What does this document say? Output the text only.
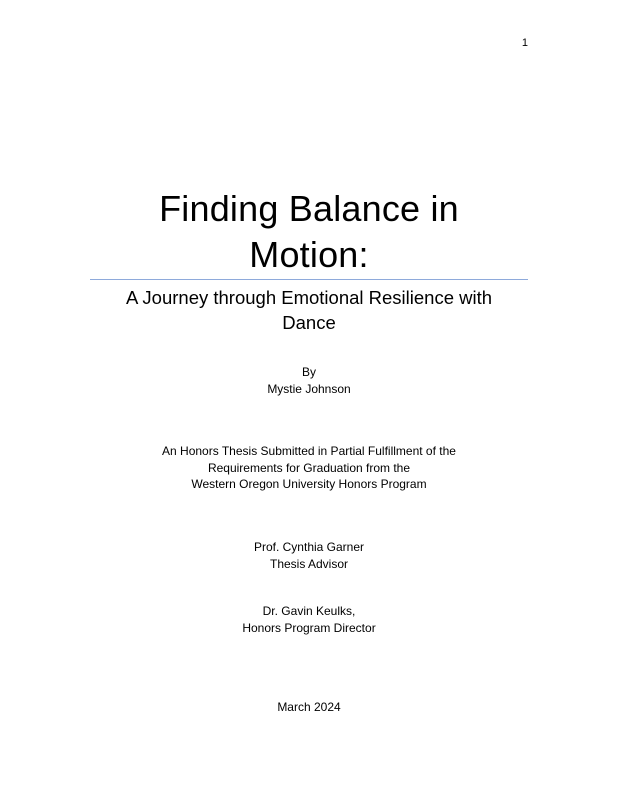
1
Finding Balance in
Motion:
A Journey through Emotional Resilience with
Dance
By
Mystie Johnson
An Honors Thesis Submitted in Partial Fulfillment of the
Requirements for Graduation from the
Western Oregon University Honors Program
Prof. Cynthia Garner
Thesis Advisor
Dr. Gavin Keulks,
Honors Program Director
March 2024
